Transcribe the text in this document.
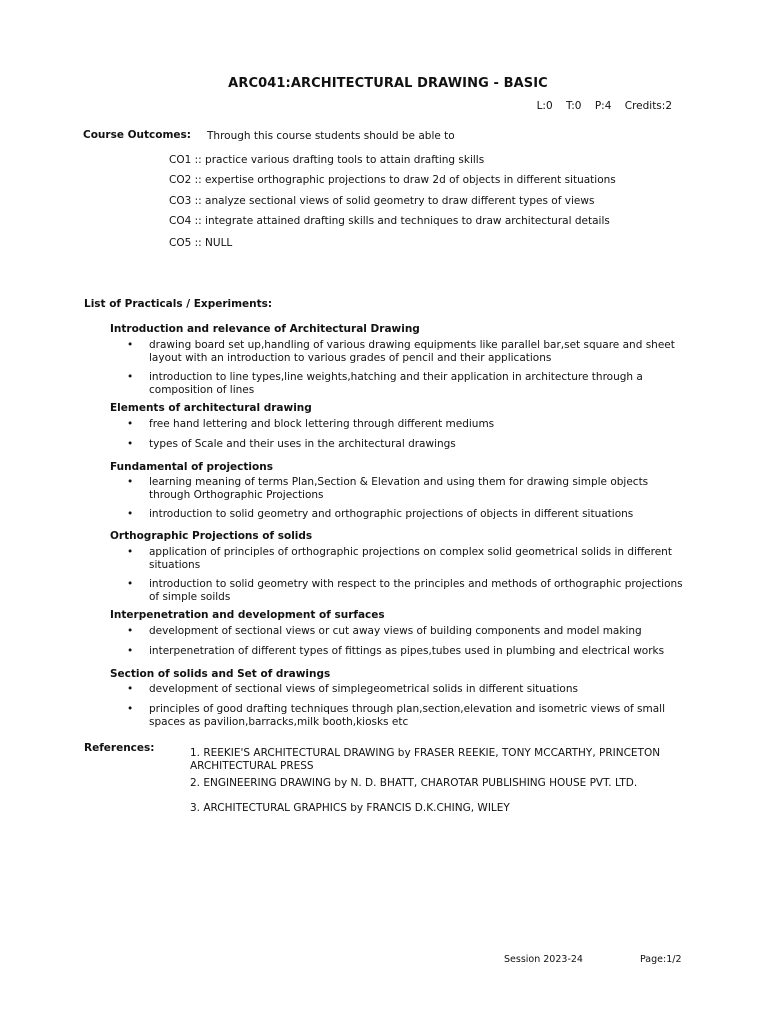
ARC041:ARCHITECTURAL DRAWING - BASIC
L:0 T:0 P:4 Credits:2
Course Outcomes: Through this course students should be able to
CO1 :: practice various drafting tools to attain drafting skills
CO2 :: expertise orthographic projections to draw 2d of objects in different situations
CO3 :: analyze sectional views of solid geometry to draw different types of views
CO4 :: integrate attained drafting skills and techniques to draw architectural details
CO5 :: NULL
List of Practicals / Experiments:
Introduction and relevance of Architectural Drawing
• drawing board set up,handling of various drawing equipments like parallel bar,set square and sheet layout with an introduction to various grades of pencil and their applications
• introduction to line types,line weights,hatching and their application in architecture through a composition of lines
Elements of architectural drawing
• free hand lettering and block lettering through different mediums
• types of Scale and their uses in the architectural drawings
Fundamental of projections
• learning meaning of terms Plan,Section & Elevation and using them for drawing simple objects through Orthographic Projections
• introduction to solid geometry and orthographic projections of objects in different situations
Orthographic Projections of solids
• application of principles of orthographic projections on complex solid geometrical solids in different situations
• introduction to solid geometry with respect to the principles and methods of orthographic projections of simple soilds
Interpenetration and development of surfaces
• development of sectional views or cut away views of building components and model making
• interpenetration of different types of fittings as pipes,tubes used in plumbing and electrical works
Section of solids and Set of drawings
• development of sectional views of simplegeometrical solids in different situations
• principles of good drafting techniques through plan,section,elevation and isometric views of small spaces as pavilion,barracks,milk booth,kiosks etc
References:	1. REEKIE'S ARCHITECTURAL DRAWING by FRASER REEKIE, TONY MCCARTHY, PRINCETON ARCHITECTURAL PRESS
2. ENGINEERING DRAWING by N. D. BHATT, CHAROTAR PUBLISHING HOUSE PVT. LTD.
3. ARCHITECTURAL GRAPHICS by FRANCIS D.K.CHING, WILEY
Session 2023-24	Page:1/2
